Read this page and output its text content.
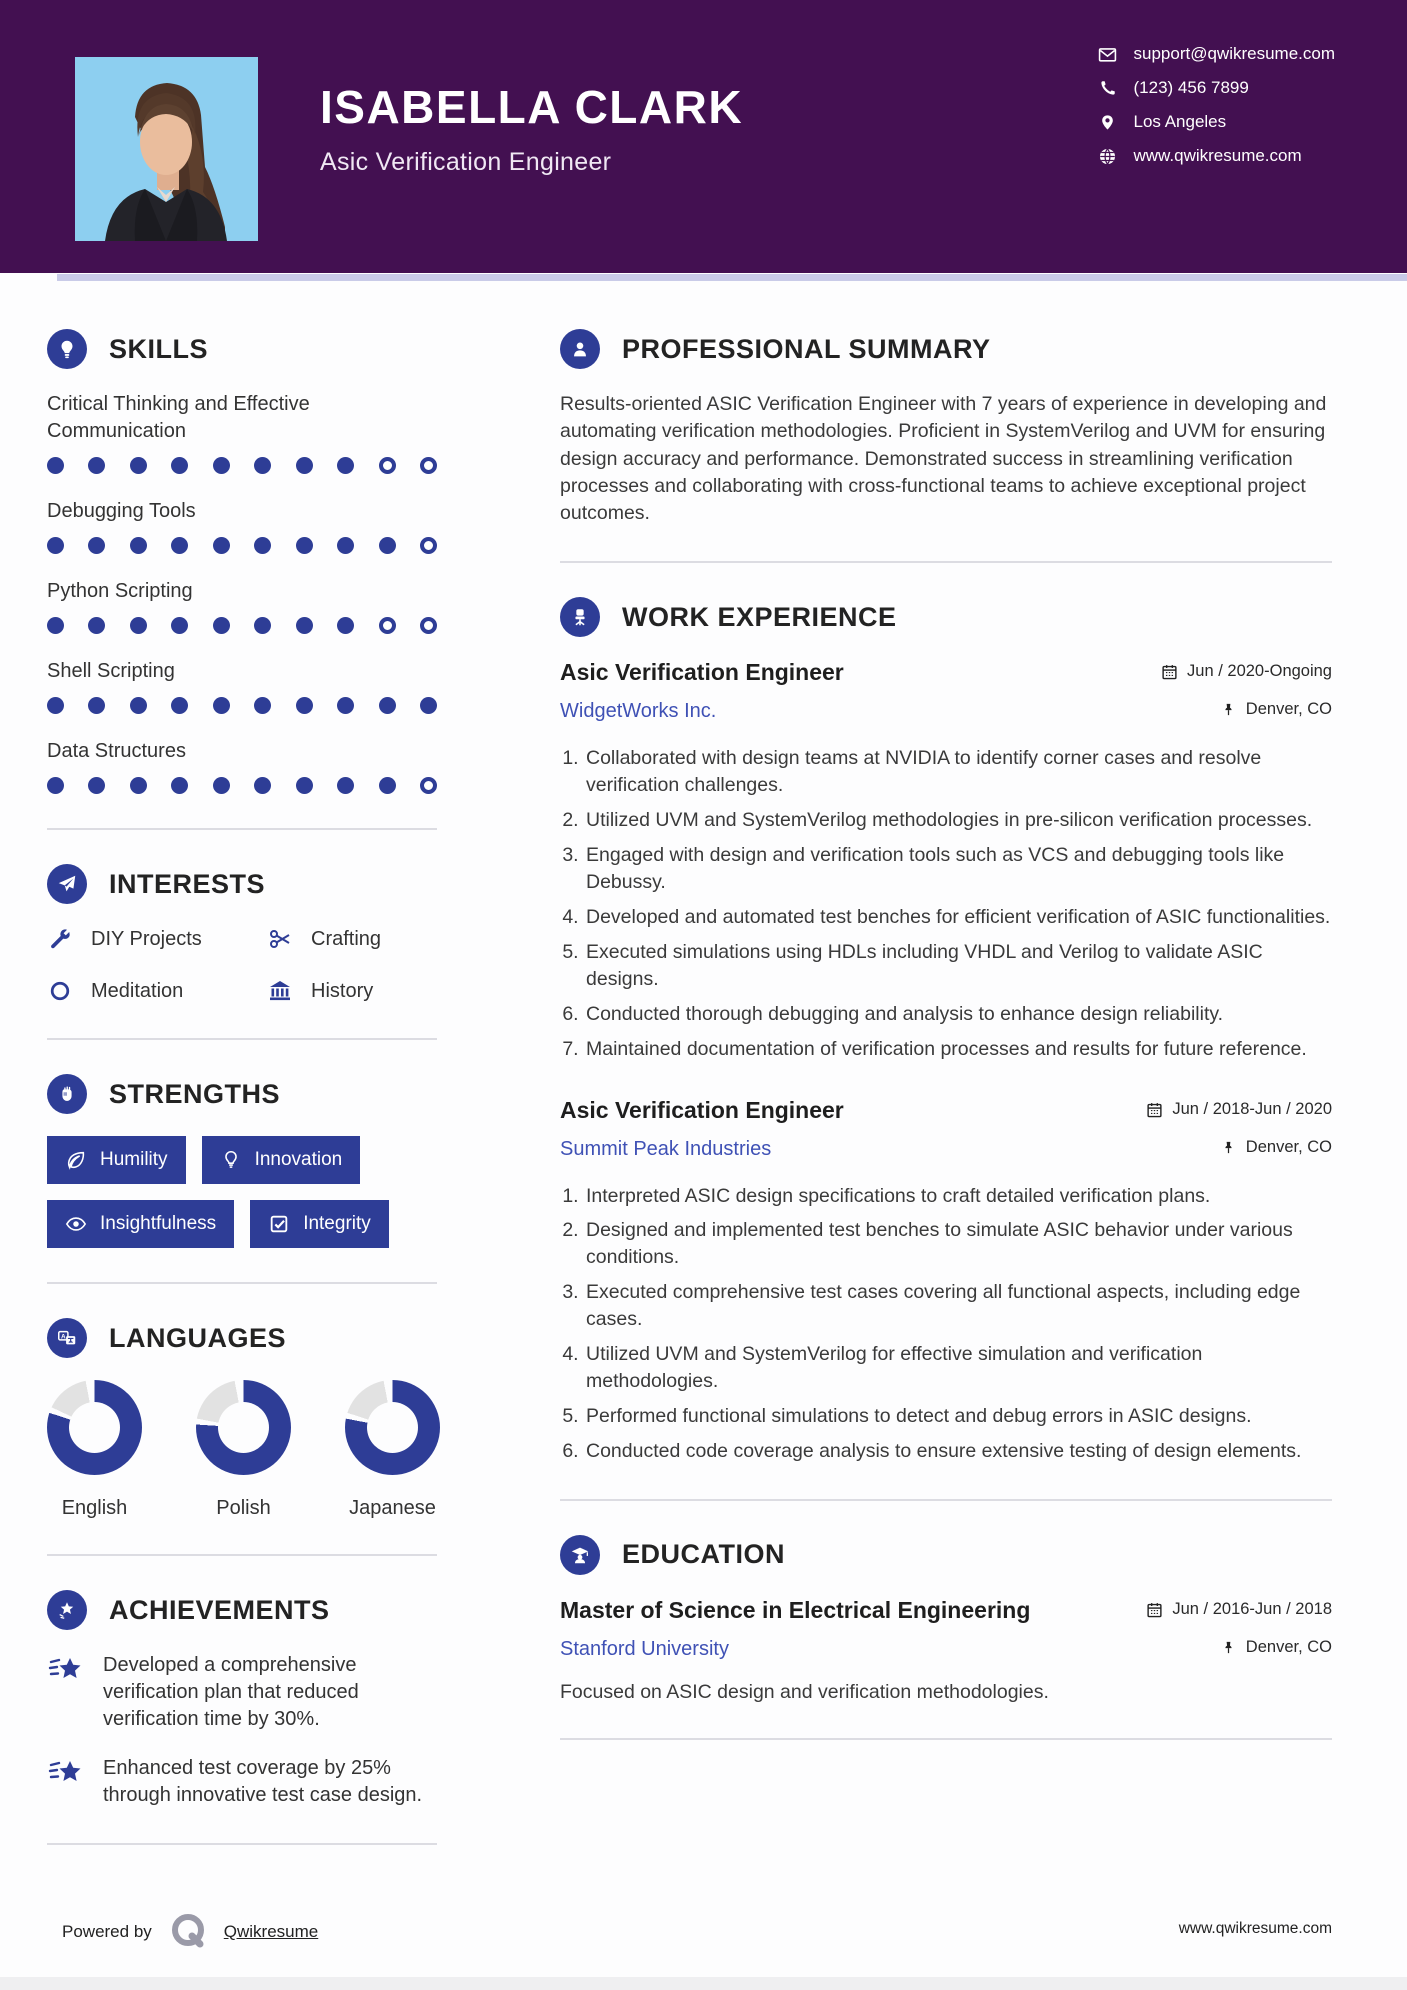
ISABELLA CLARK
Asic Verification Engineer
support@qwikresume.com
(123) 456 7899
Los Angeles
www.qwikresume.com
SKILLS
Critical Thinking and Effective Communication
Debugging Tools
Python Scripting
Shell Scripting
Data Structures
INTERESTS
DIY Projects	Crafting
Meditation	History
STRENGTHS
Humility	Innovation
Insightfulness	Integrity
A LANGUAGES
English	Polish	Japanese
ACHIEVEMENTS
Developed a comprehensive verification plan that reduced verification time by 30%.
Enhanced test coverage by 25% through innovative test case design.
PROFESSIONAL SUMMARY

Results-oriented ASIC Verification Engineer with 7 years of experience in developing and automating verification methodologies. Proficient in SystemVerilog and UVM for ensuring design accuracy and performance. Demonstrated success in streamlining verification processes and collaborating with cross-functional teams to achieve exceptional project outcomes.

WORK EXPERIENCE
Asic Verification Engineer	Jun / 2020-Ongoing
WidgetWorks Inc.	Denver, CO
1. Collaborated with design teams at NVIDIA to identify corner cases and resolve verification challenges.
2. Utilized UVM and SystemVerilog methodologies in pre-silicon verification processes.
3. Engaged with design and verification tools such as VCS and debugging tools like Debussy.
4. Developed and automated test benches for efficient verification of ASIC functionalities.
5. Executed simulations using HDLs including VHDL and Verilog to validate ASIC designs.
6. Conducted thorough debugging and analysis to enhance design reliability.
7. Maintained documentation of verification processes and results for future reference.
Asic Verification Engineer	Jun / 2018-Jun / 2020
Summit Peak Industries	Denver, CO
1. Interpreted ASIC design specifications to craft detailed verification plans.
2. Designed and implemented test benches to simulate ASIC behavior under various conditions.
3. Executed comprehensive test cases covering all functional aspects, including edge cases.
4. Utilized UVM and SystemVerilog for effective simulation and verification methodologies.
5. Performed functional simulations to detect and debug errors in ASIC designs.
6. Conducted code coverage analysis to ensure extensive testing of design elements.
EDUCATION
Master of Science in Electrical Engineering	Jun / 2016-Jun / 2018
Stanford University	Denver, CO

Focused on ASIC design and verification methodologies.

Powered by	Qwikresume	www.qwikresume.com
